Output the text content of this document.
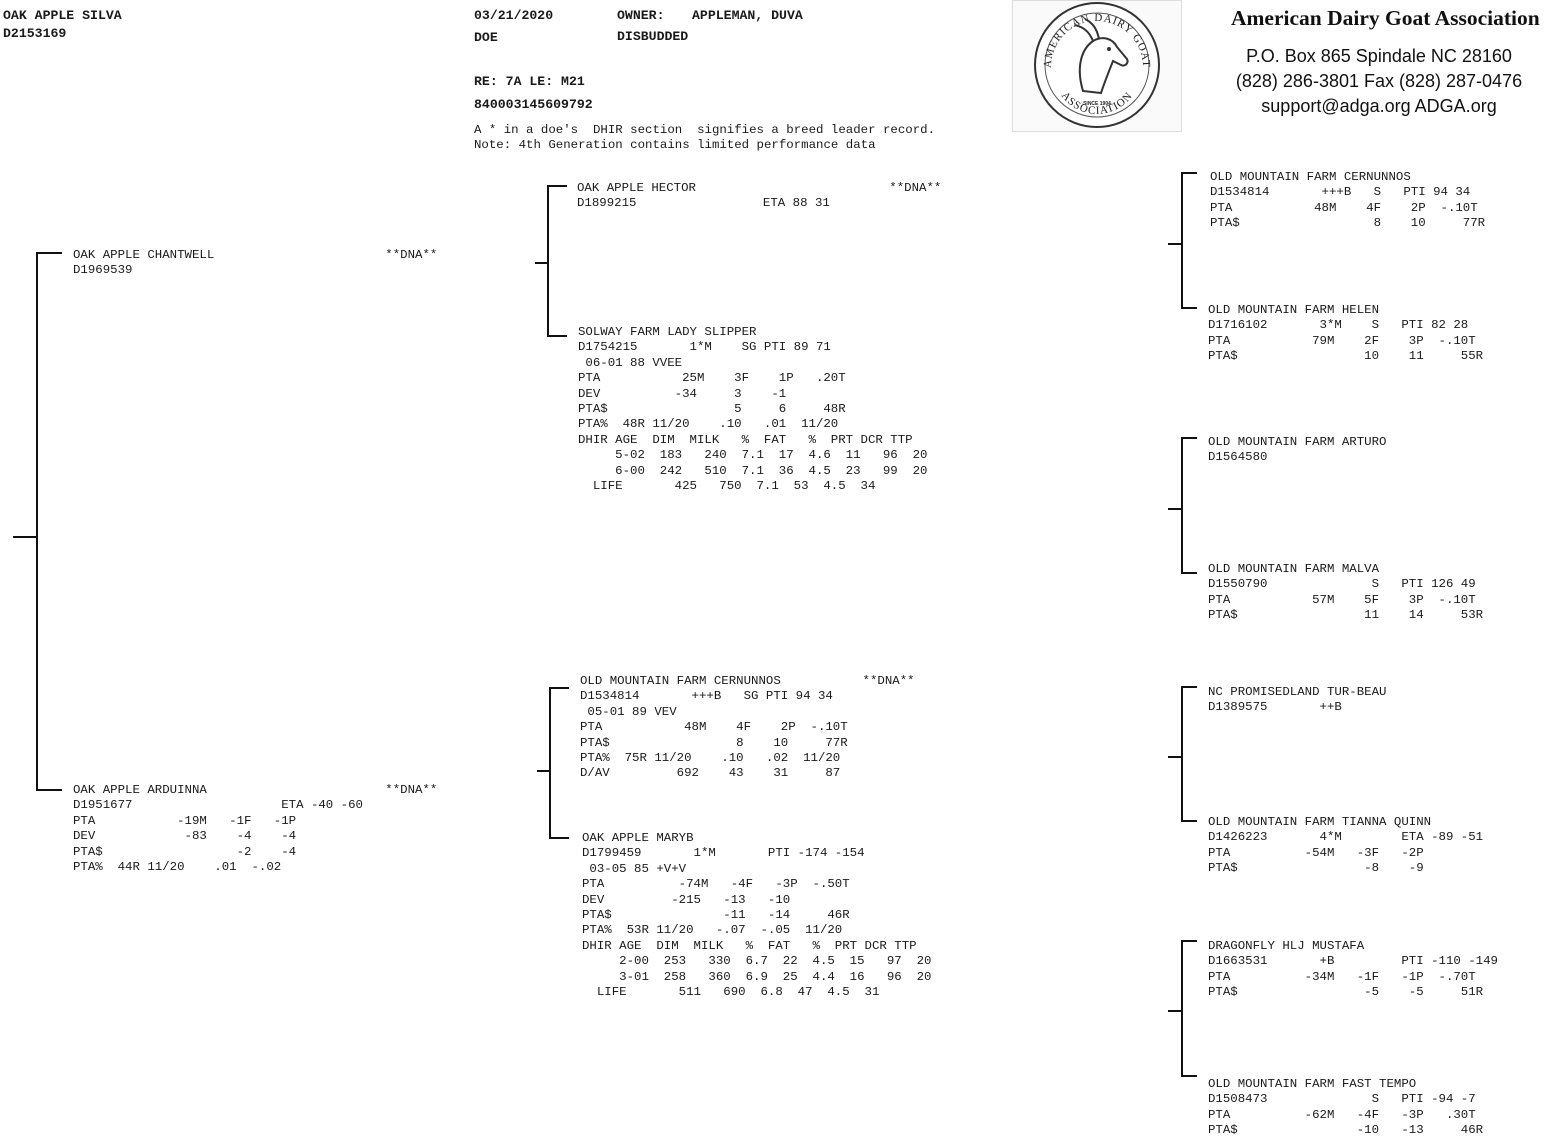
OAK APPLE SILVA
D2153169
03/21/2020	OWNER: APPLEMAN, DUVA
DOE	DISBUDDED
RE: 7A LE: M21
840003145609792
A * in a doe's  DHIR section  signifies a breed leader record.
Note: 4th Generation contains limited performance data
AMERICAN DAIRY GOAT
ASSOCIATION
SINCE 1904
American Dairy Goat Association
P.O. Box 865 Spindale NC 28160
(828) 286-3801 Fax (828) 287-0476
support@adga.org ADGA.org
OAK APPLE CHANTWELL                       **DNA**
D1969539
OAK APPLE ARDUINNA                        **DNA**
D1951677                    ETA -40 -60
PTA           -19M   -1F   -1P
DEV            -83    -4    -4
PTA$                  -2    -4
PTA%  44R 11/20    .01  -.02
OAK APPLE HECTOR                          **DNA**
D1899215                 ETA 88 31
SOLWAY FARM LADY SLIPPER
D1754215       1*M    SG PTI 89 71
06-01 88 VVEE
PTA           25M    3F    1P   .20T
DEV          -34     3    -1
PTA$                 5     6     48R
PTA%  48R 11/20    .10   .01  11/20
DHIR AGE  DIM  MILK   %  FAT   %  PRT DCR TTP
5-02  183   240  7.1  17  4.6  11   96  20
6-00  242   510  7.1  36  4.5  23   99  20
LIFE       425   750  7.1  53  4.5  34
OLD MOUNTAIN FARM CERNUNNOS           **DNA**
D1534814       +++B   SG PTI 94 34
05-01 89 VEV
PTA           48M    4F    2P  -.10T
PTA$                 8    10     77R
PTA%  75R 11/20    .10   .02  11/20
D/AV         692    43    31     87
OAK APPLE MARYB
D1799459       1*M       PTI -174 -154
03-05 85 +V+V
PTA          -74M   -4F   -3P  -.50T
DEV         -215   -13   -10
PTA$               -11   -14     46R
PTA%  53R 11/20   -.07  -.05  11/20
DHIR AGE  DIM  MILK   %  FAT   %  PRT DCR TTP
2-00  253   330  6.7  22  4.5  15   97  20
3-01  258   360  6.9  25  4.4  16   96  20
LIFE       511   690  6.8  47  4.5  31
OLD MOUNTAIN FARM CERNUNNOS
D1534814       +++B   S   PTI 94 34
PTA           48M    4F    2P  -.10T
PTA$                  8    10     77R
OLD MOUNTAIN FARM HELEN
D1716102       3*M    S   PTI 82 28
PTA           79M    2F    3P  -.10T
PTA$                 10    11     55R
OLD MOUNTAIN FARM ARTURO
D1564580
OLD MOUNTAIN FARM MALVA
D1550790              S   PTI 126 49
PTA           57M    5F    3P  -.10T
PTA$                 11    14     53R
NC PROMISEDLAND TUR-BEAU
D1389575       ++B
OLD MOUNTAIN FARM TIANNA QUINN
D1426223       4*M        ETA -89 -51
PTA          -54M   -3F   -2P
PTA$                 -8    -9
DRAGONFLY HLJ MUSTAFA
D1663531       +B         PTI -110 -149
PTA          -34M   -1F   -1P  -.70T
PTA$                 -5    -5     51R
OLD MOUNTAIN FARM FAST TEMPO
D1508473              S   PTI -94 -7
PTA          -62M   -4F   -3P   .30T
PTA$                -10   -13     46R
